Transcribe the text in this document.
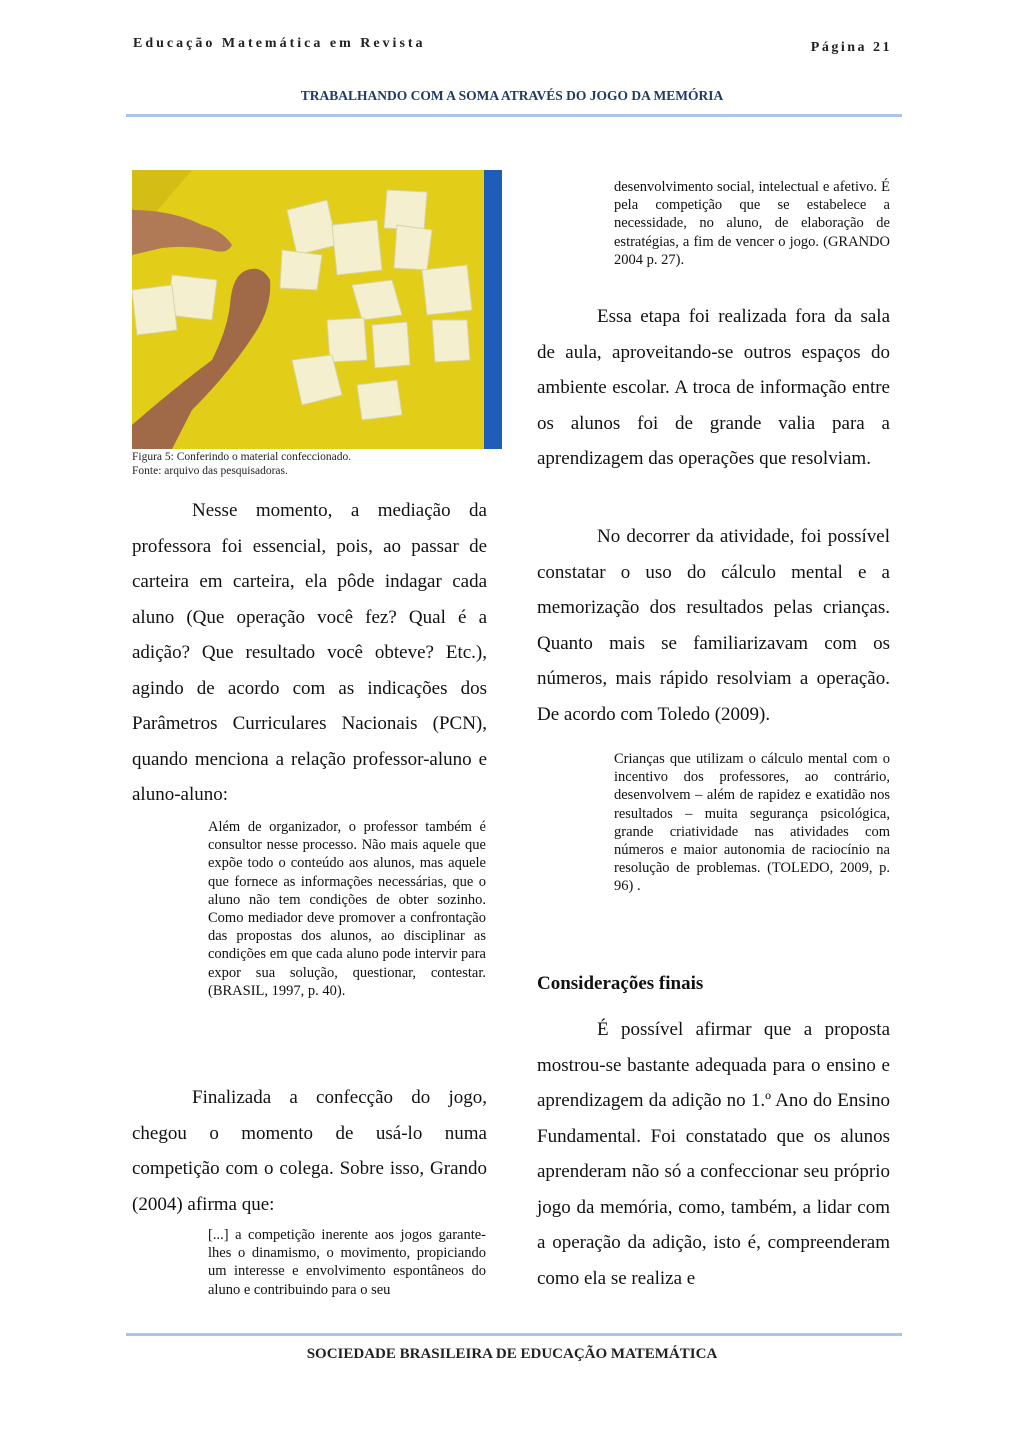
Educação Matemática em Revista	Página 21
TRABALHANDO COM A SOMA ATRAVÉS DO JOGO DA MEMÓRIA
Figura 5: Conferindo o material confeccionado.
Fonte: arquivo das pesquisadoras.

Nesse momento, a mediação da professora foi essencial, pois, ao passar de carteira em carteira, ela pôde indagar cada aluno (Que operação você fez? Qual é a adição? Que resultado você obteve? Etc.), agindo de acordo com as indicações dos Parâmetros Curriculares Nacionais (PCN), quando menciona a relação professor-aluno e aluno-aluno:

Além de organizador, o professor também é consultor nesse processo. Não mais aquele que expõe todo o conteúdo aos alunos, mas aquele que fornece as informações necessárias, que o aluno não tem condições de obter sozinho. Como mediador deve promover a confrontação das propostas dos alunos, ao disciplinar as condições em que cada aluno pode intervir para expor sua solução, questionar, contestar. (BRASIL, 1997, p. 40).

Finalizada a confecção do jogo, chegou o momento de usá-lo numa competição com o colega. Sobre isso, Grando (2004) afirma que:

[...] a competição inerente aos jogos garante-lhes o dinamismo, o movimento, propiciando um interesse e envolvimento espontâneos do aluno e contribuindo para o seu
desenvolvimento social, intelectual e afetivo. É pela competição que se estabelece a necessidade, no aluno, de elaboração de estratégias, a fim de vencer o jogo. (GRANDO 2004 p. 27).

Essa etapa foi realizada fora da sala de aula, aproveitando-se outros espaços do ambiente escolar. A troca de informação entre os alunos foi de grande valia para a aprendizagem das operações que resolviam.

No decorrer da atividade, foi possível constatar o uso do cálculo mental e a memorização dos resultados pelas crianças. Quanto mais se familiarizavam com os números, mais rápido resolviam a operação. De acordo com Toledo (2009).

Crianças que utilizam o cálculo mental com o incentivo dos professores, ao contrário, desenvolvem – além de rapidez e exatidão nos resultados – muita segurança psicológica, grande criatividade nas atividades com números e maior autonomia de raciocínio na resolução de problemas. (TOLEDO, 2009, p. 96) .
Considerações finais

É possível afirmar que a proposta mostrou-se bastante adequada para o ensino e aprendizagem da adição no 1.º Ano do Ensino Fundamental. Foi constatado que os alunos aprenderam não só a confeccionar seu próprio jogo da memória, como, também, a lidar com a operação da adição, isto é, compreenderam como ela se realiza e

SOCIEDADE BRASILEIRA DE EDUCAÇÃO MATEMÁTICA
